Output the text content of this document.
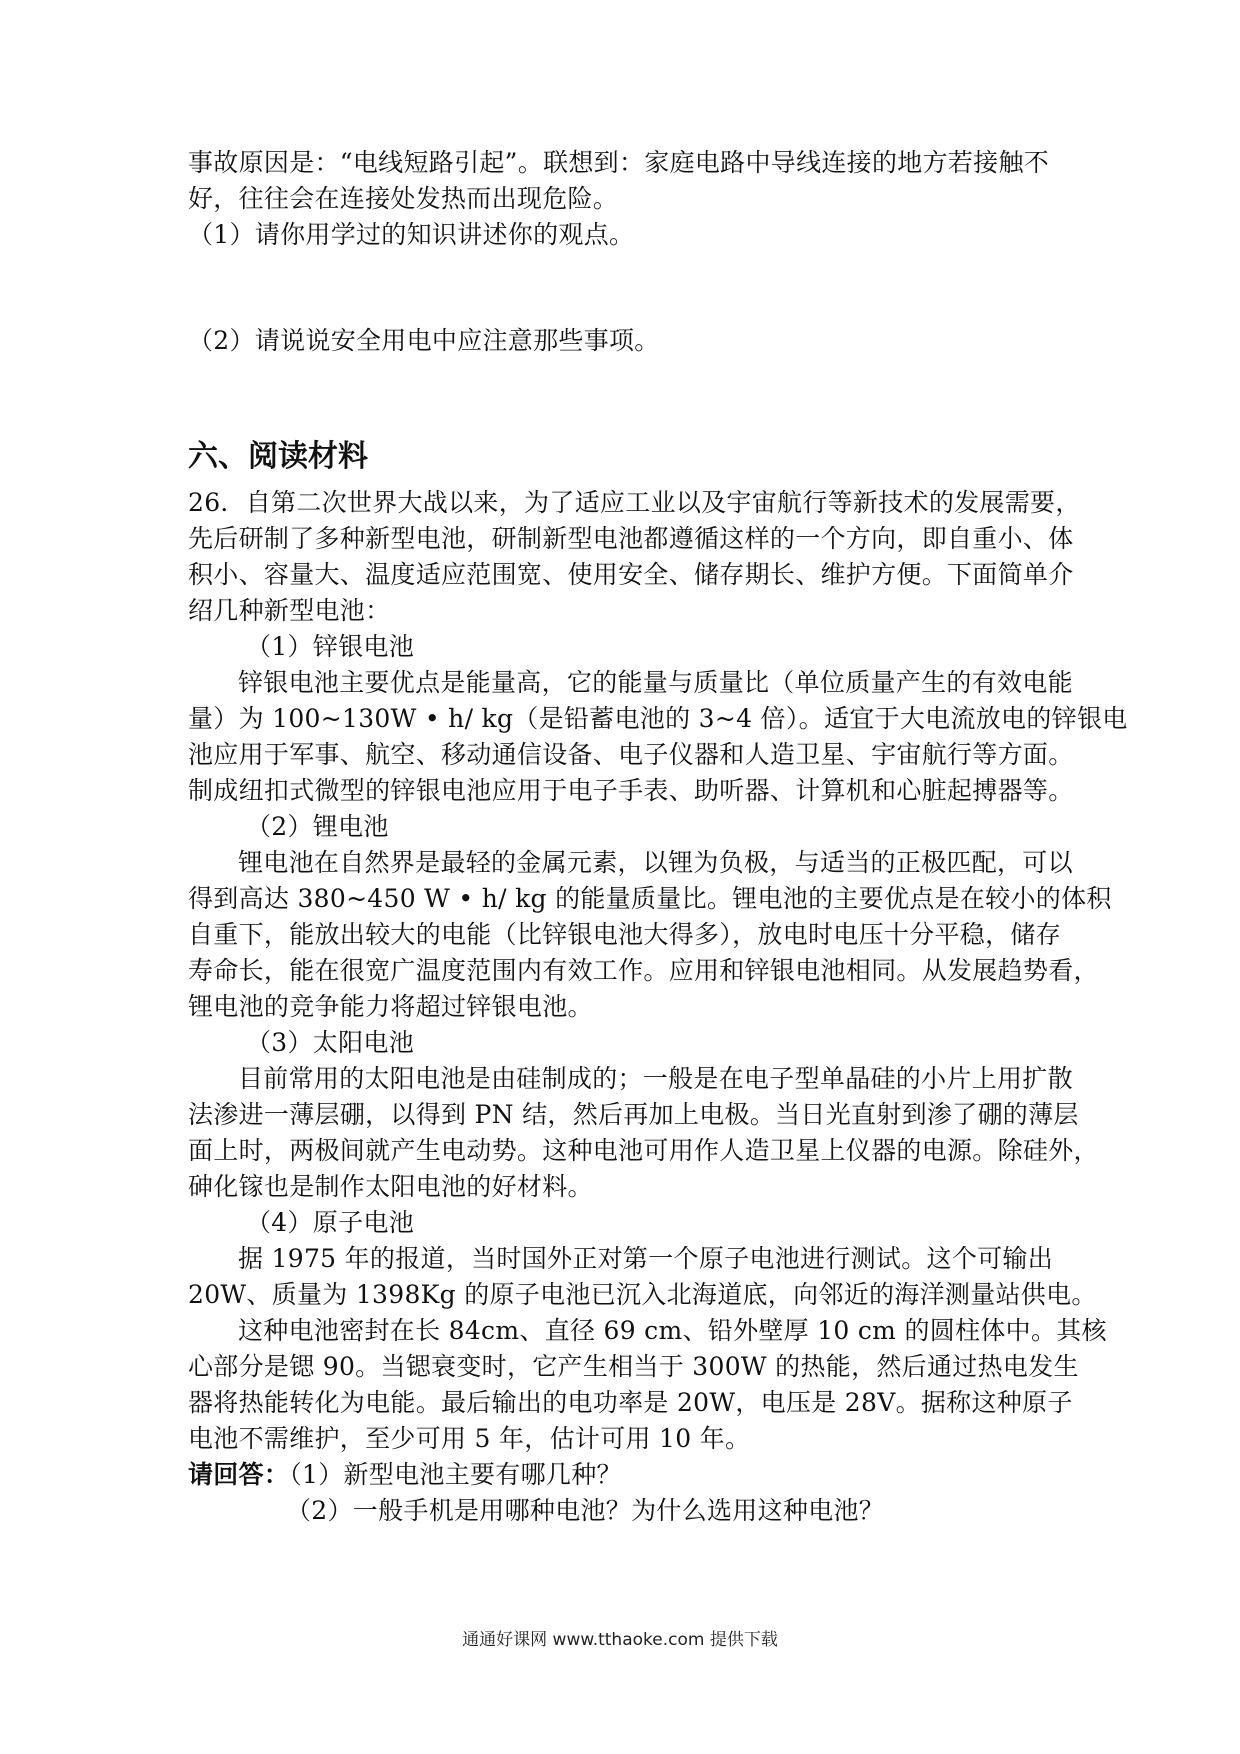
事故原因是：“电线短路引起”。联想到：家庭电路中导线连接的地方若接触不
好，往往会在连接处发热而出现危险。
（1）请你用学过的知识讲述你的观点。
（2）请说说安全用电中应注意那些事项。
六、阅读材料
26．自第二次世界大战以来，为了适应工业以及宇宙航行等新技术的发展需要，
先后研制了多种新型电池，研制新型电池都遵循这样的一个方向，即自重小、体
积小、容量大、温度适应范围宽、使用安全、储存期长、维护方便。下面简单介
绍几种新型电池：
（1）锌银电池
锌银电池主要优点是能量高，它的能量与质量比（单位质量产生的有效电能
量）为 100~130W • h/ kg（是铅蓄电池的 3~4 倍）。适宜于大电流放电的锌银电
池应用于军事、航空、移动通信设备、电子仪器和人造卫星、宇宙航行等方面。
制成纽扣式微型的锌银电池应用于电子手表、助听器、计算机和心脏起搏器等。
（2）锂电池
锂电池在自然界是最轻的金属元素，以锂为负极，与适当的正极匹配，可以
得到高达 380~450 W • h/ kg 的能量质量比。锂电池的主要优点是在较小的体积
自重下，能放出较大的电能（比锌银电池大得多），放电时电压十分平稳，储存
寿命长，能在很宽广温度范围内有效工作。应用和锌银电池相同。从发展趋势看，
锂电池的竞争能力将超过锌银电池。
（3）太阳电池
目前常用的太阳电池是由硅制成的；一般是在电子型单晶硅的小片上用扩散
法渗进一薄层硼，以得到 PN 结，然后再加上电极。当日光直射到渗了硼的薄层
面上时，两极间就产生电动势。这种电池可用作人造卫星上仪器的电源。除硅外，
砷化镓也是制作太阳电池的好材料。
（4）原子电池
据 1975 年的报道，当时国外正对第一个原子电池进行测试。这个可输出
20W、质量为 1398Kg 的原子电池已沉入北海道底，向邻近的海洋测量站供电。
这种电池密封在长 84cm、直径 69 cm、铅外壁厚 10 cm 的圆柱体中。其核
心部分是锶 90。当锶衰变时，它产生相当于 300W 的热能，然后通过热电发生
器将热能转化为电能。最后输出的电功率是 20W，电压是 28V。据称这种原子
电池不需维护，至少可用 5 年，估计可用 10 年。
请回答：（1）新型电池主要有哪几种？
（2）一般手机是用哪种电池？为什么选用这种电池？
通通好课网 www.tthaoke.com 提供下载
